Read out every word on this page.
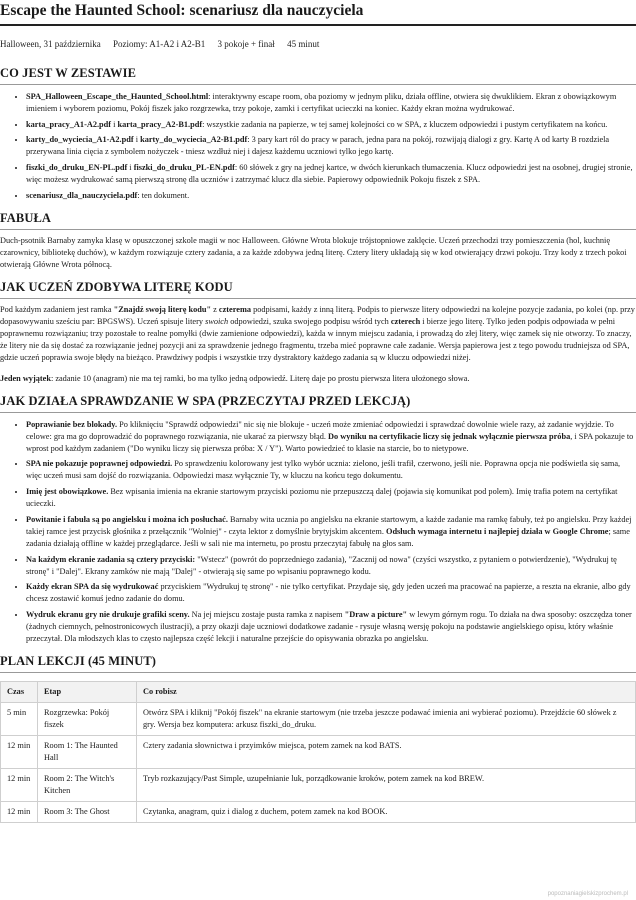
Escape the Haunted School: scenariusz dla nauczyciela
Halloween, 31 października Poziomy: A1-A2 i A2-B1 3 pokoje + finał 45 minut
CO JEST W ZESTAWIE
• SPA_Halloween_Escape_the_Haunted_School.html: interaktywny escape room, oba poziomy w jednym pliku, działa offline, otwiera się dwuklikiem. Ekran z obowiązkowym imieniem i wyborem poziomu, Pokój fiszek jako rozgrzewka, trzy pokoje, zamki i certyfikat ucieczki na koniec. Każdy ekran można wydrukować.
• karta_pracy_A1-A2.pdf i karta_pracy_A2-B1.pdf: wszystkie zadania na papierze, w tej samej kolejności co w SPA, z kluczem odpowiedzi i pustym certyfikatem na końcu.
• karty_do_wyciecia_A1-A2.pdf i karty_do_wyciecia_A2-B1.pdf: 3 pary kart ról do pracy w parach, jedna para na pokój, rozwijają dialogi z gry. Kartę A od karty B rozdziela przerywana linia cięcia z symbolem nożyczek - tniesz wzdłuż niej i dajesz każdemu uczniowi tylko jego kartę.
• fiszki_do_druku_EN-PL.pdf i fiszki_do_druku_PL-EN.pdf: 60 słówek z gry na jednej kartce, w dwóch kierunkach tłumaczenia. Klucz odpowiedzi jest na osobnej, drugiej stronie, więc możesz wydrukować samą pierwszą stronę dla uczniów i zatrzymać klucz dla siebie. Papierowy odpowiednik Pokoju fiszek z SPA.
• scenariusz_dla_nauczyciela.pdf: ten dokument.
FABUŁA

Duch-psotnik Barnaby zamyka klasę w opuszczonej szkole magii w noc Halloween. Główne Wrota blokuje trójstopniowe zaklęcie. Uczeń przechodzi trzy pomieszczenia (hol, kuchnię czarownicy, bibliotekę duchów), w każdym rozwiązuje cztery zadania, a za każde zdobywa jedną literę. Cztery litery układają się w kod otwierający drzwi pokoju. Trzy kody z trzech pokoi otwierają Główne Wrota północą.

JAK UCZEŃ ZDOBYWA LITERĘ KODU

Pod każdym zadaniem jest ramka "Znajdź swoją literę kodu" z czterema podpisami, każdy z inną literą. Podpis to pierwsze litery odpowiedzi na kolejne pozycje zadania, po kolei (np. przy dopasowywaniu sześciu par: BPGSWS). Uczeń spisuje litery swoich odpowiedzi, szuka swojego podpisu wśród tych czterech i bierze jego literę. Tylko jeden podpis odpowiada w pełni poprawnemu rozwiązaniu; trzy pozostałe to realne pomyłki (dwie zamienione odpowiedzi), każda w innym miejscu zadania, i prowadzą do złej litery, więc zamek się nie otworzy. To znaczy, że litery nie da się dostać za rozwiązanie jednej pozycji ani za sprawdzenie jednego fragmentu, trzeba mieć poprawne całe zadanie. Wersja papierowa jest z tego powodu trudniejsza od SPA, gdzie uczeń poprawia swoje błędy na bieżąco. Prawdziwy podpis i wszystkie trzy dystraktory każdego zadania są w kluczu odpowiedzi niżej.

Jeden wyjątek: zadanie 10 (anagram) nie ma tej ramki, bo ma tylko jedną odpowiedź. Literę daje po prostu pierwsza litera ułożonego słowa.

JAK DZIAŁA SPRAWDZANIE W SPA (PRZECZYTAJ PRZED LEKCJĄ)
• Poprawianie bez blokady. Po kliknięciu "Sprawdź odpowiedzi" nic się nie blokuje - uczeń może zmieniać odpowiedzi i sprawdzać dowolnie wiele razy, aż zadanie wyjdzie. To celowe: gra ma go doprowadzić do poprawnego rozwiązania, nie ukarać za pierwszy błąd. Do wyniku na certyfikacie liczy się jednak wyłącznie pierwsza próba, i SPA pokazuje to wprost pod każdym zadaniem ("Do wyniku liczy się pierwsza próba: X / Y"). Warto powiedzieć to klasie na starcie, bo to nietypowe.
• SPA nie pokazuje poprawnej odpowiedzi. Po sprawdzeniu kolorowany jest tylko wybór ucznia: zielono, jeśli trafił, czerwono, jeśli nie. Poprawna opcja nie podświetla się sama, więc uczeń musi sam dojść do rozwiązania. Odpowiedzi masz wyłącznie Ty, w kluczu na końcu tego dokumentu.
• Imię jest obowiązkowe. Bez wpisania imienia na ekranie startowym przyciski poziomu nie przepuszczą dalej (pojawia się komunikat pod polem). Imię trafia potem na certyfikat ucieczki.
• Powitanie i fabuła są po angielsku i można ich posłuchać. Barnaby wita ucznia po angielsku na ekranie startowym, a każde zadanie ma ramkę fabuły, też po angielsku. Przy każdej takiej ramce jest przycisk głośnika z przełącznik "Wolniej" - czyta lektor z domyślnie brytyjskim akcentem. Odsłuch wymaga internetu i najlepiej działa w Google Chrome; same zadania działają offline w każdej przeglądarce. Jeśli w sali nie ma internetu, po prostu przeczytaj fabułę na głos sam.
• Na każdym ekranie zadania są cztery przyciski: "Wstecz" (powrót do poprzedniego zadania), "Zacznij od nowa" (czyści wszystko, z pytaniem o potwierdzenie), "Wydrukuj tę stronę" i "Dalej". Ekrany zamków nie mają "Dalej" - otwierają się same po wpisaniu poprawnego kodu.
• Każdy ekran SPA da się wydrukować przyciskiem "Wydrukuj tę stronę" - nie tylko certyfikat. Przydaje się, gdy jeden uczeń ma pracować na papierze, a reszta na ekranie, albo gdy chcesz zostawić komuś jedno zadanie do domu.
• Wydruk ekranu gry nie drukuje grafiki sceny. Na jej miejscu zostaje pusta ramka z napisem "Draw a picture" w lewym górnym rogu. To działa na dwa sposoby: oszczędza toner (żadnych ciemnych, pełnostronicowych ilustracji), a przy okazji daje uczniowi dodatkowe zadanie - rysuje własną wersję pokoju na podstawie angielskiego opisu, który właśnie przeczytał. Dla młodszych klas to często najlepsza część lekcji i naturalne przejście do opisywania obrazka po angielsku.
PLAN LEKCJI (45 MINUT)
Czas	Etap	Co robisz
5 min	Rozgrzewka: Pokój fiszek	Otwórz SPA i kliknij "Pokój fiszek" na ekranie startowym (nie trzeba jeszcze podawać imienia ani wybierać poziomu). Przejdźcie 60 słówek z gry. Wersja bez komputera: arkusz fiszki_do_druku.
12 min	Room 1: The Haunted Hall	Cztery zadania słownictwa i przyimków miejsca, potem zamek na kod BATS.
12 min	Room 2: The Witch's Kitchen	Tryb rozkazujący/Past Simple, uzupełnianie luk, porządkowanie kroków, potem zamek na kod BREW.
12 min	Room 3: The Ghost	Czytanka, anagram, quiz i dialog z duchem, potem zamek na kod BOOK.
popoznaniagielskizprochem.pl
